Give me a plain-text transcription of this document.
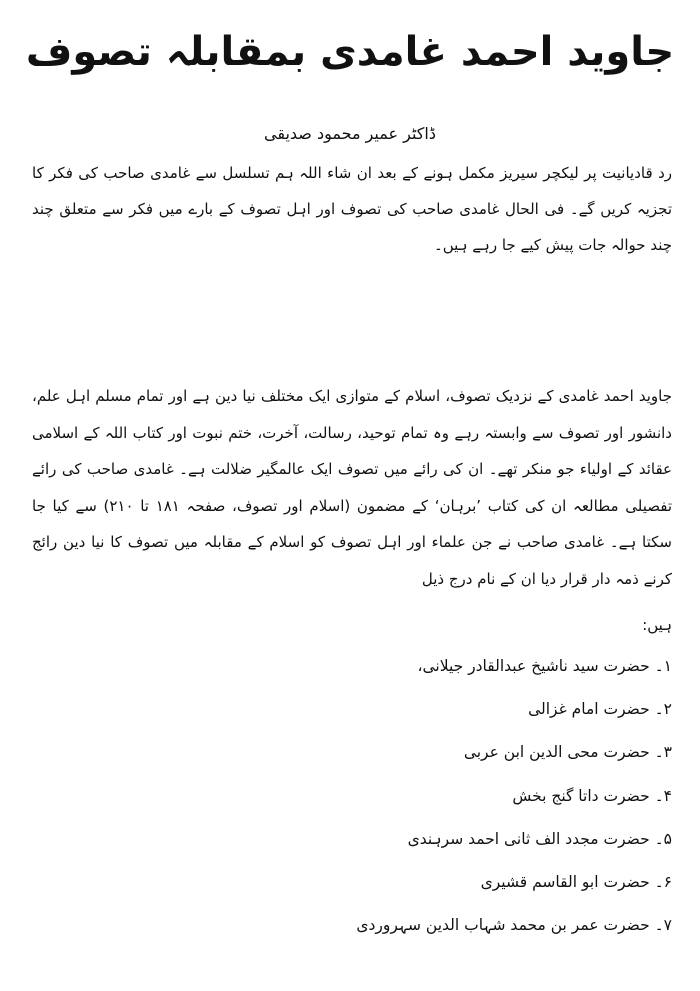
جاوید احمد غامدی بمقابلہ تصوف

ڈاکٹر عمیر محمود صدیقی

رد قادیانیت پر لیکچر سیریز مکمل ہونے کے بعد ان شاء اللہ ہم تسلسل سے غامدی صاحب کی فکر کا تجزیہ کریں گے۔ فی الحال غامدی صاحب کی تصوف اور اہل تصوف کے بارے میں فکر سے متعلق چند چند حوالہ جات پیش کیے جا رہے ہیں۔

جاوید احمد غامدی کے نزدیک تصوف، اسلام کے متوازی ایک مختلف نیا دین ہے اور تمام مسلم اہل علم، دانشور اور تصوف سے وابستہ رہے وہ تمام توحید، رسالت، آخرت، ختم نبوت اور کتاب اللہ کے اسلامی عقائد کے اولیاء جو منکر تھے۔ ان کی رائے میں تصوف ایک عالمگیر ضلالت ہے۔ غامدی صاحب کی رائے تفصیلی مطالعہ ان کی کتاب ’برہان‘ کے مضمون (اسلام اور تصوف، صفحہ ۱۸۱ تا ۲۱۰) سے کیا جا سکتا ہے۔ غامدی صاحب نے جن علماء اور اہل تصوف کو اسلام کے مقابلہ میں تصوف کا نیا دین رائج کرنے ذمہ دار قرار دیا ان کے نام درج ذیل

ہیں:

۱۔ حضرت سید ناشیخ عبدالقادر جیلانی،
۲۔ حضرت امام غزالی
۳۔ حضرت محی الدین ابن عربی
۴۔ حضرت داتا گنج بخش
۵۔ حضرت مجدد الف ثانی احمد سرہندی
۶۔ حضرت ابو القاسم قشیری
۷۔ حضرت عمر بن محمد شہاب الدین سہروردی
